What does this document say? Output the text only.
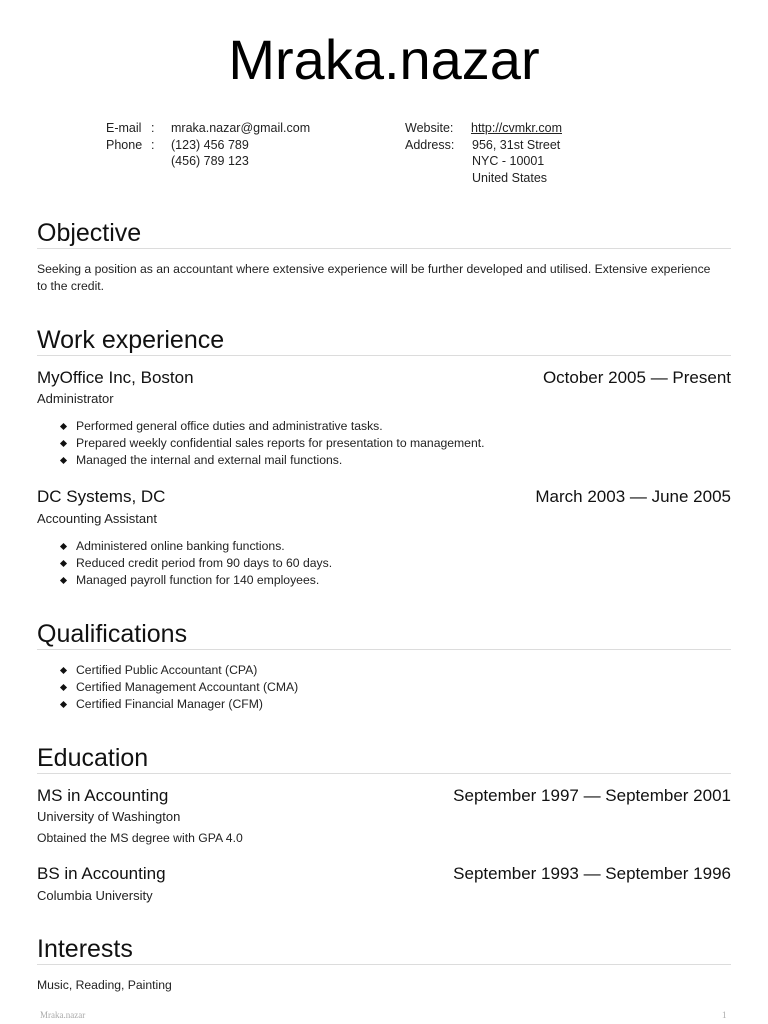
Mraka.nazar
E-mail : mraka.nazar@gmail.com
Phone : (123) 456 789
(456) 789 123
Website: http://cvmkr.com
Address: 956, 31st Street
NYC - 10001
United States
Objective

Seeking a position as an accountant where extensive experience will be further developed and utilised. Extensive experience to the credit.

Work experience
MyOffice Inc, Boston	October 2005 — Present
Administrator
Performed general office duties and administrative tasks.
Prepared weekly confidential sales reports for presentation to management.
Managed the internal and external mail functions.
DC Systems, DC	March 2003 — June 2005
Accounting Assistant
Administered online banking functions.
Reduced credit period from 90 days to 60 days.
Managed payroll function for 140 employees.
Qualifications
Certified Public Accountant (CPA)
Certified Management Accountant (CMA)
Certified Financial Manager (CFM)
Education
MS in Accounting	September 1997 — September 2001
University of Washington
Obtained the MS degree with GPA 4.0
BS in Accounting	September 1993 — September 1996
Columbia University
Interests

Music, Reading, Painting

Mraka.nazar	1
